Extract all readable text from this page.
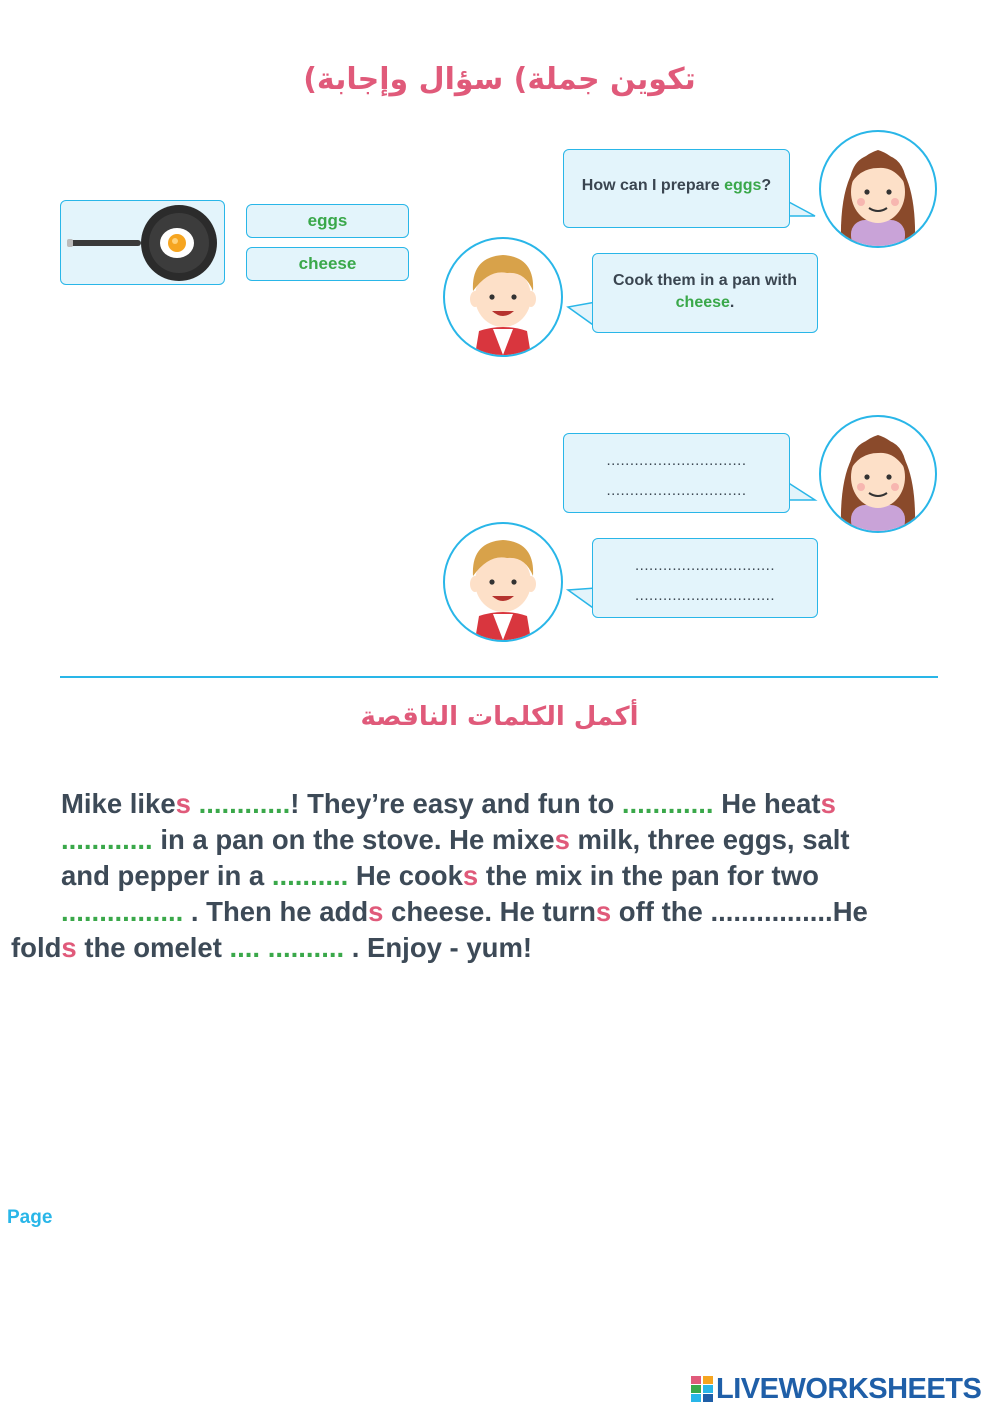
تكوين جملة) سؤال وإجابة)
eggs
cheese
How can I prepare eggs?
Cook them in a pan with
cheese.
..............................
..............................
..............................
..............................
أكمل الكلمات الناقصة
Mike likes ............! They’re easy and fun to ............ He heats
............ in a pan on the stove. He mixes milk, three eggs, salt
and pepper in a .......... He cooks the mix in the pan for two
................ . Then he adds cheese. He turns off the ................He
folds the omelet .... .......... . Enjoy - yum!
Page
LIVEWORKSHEETS
